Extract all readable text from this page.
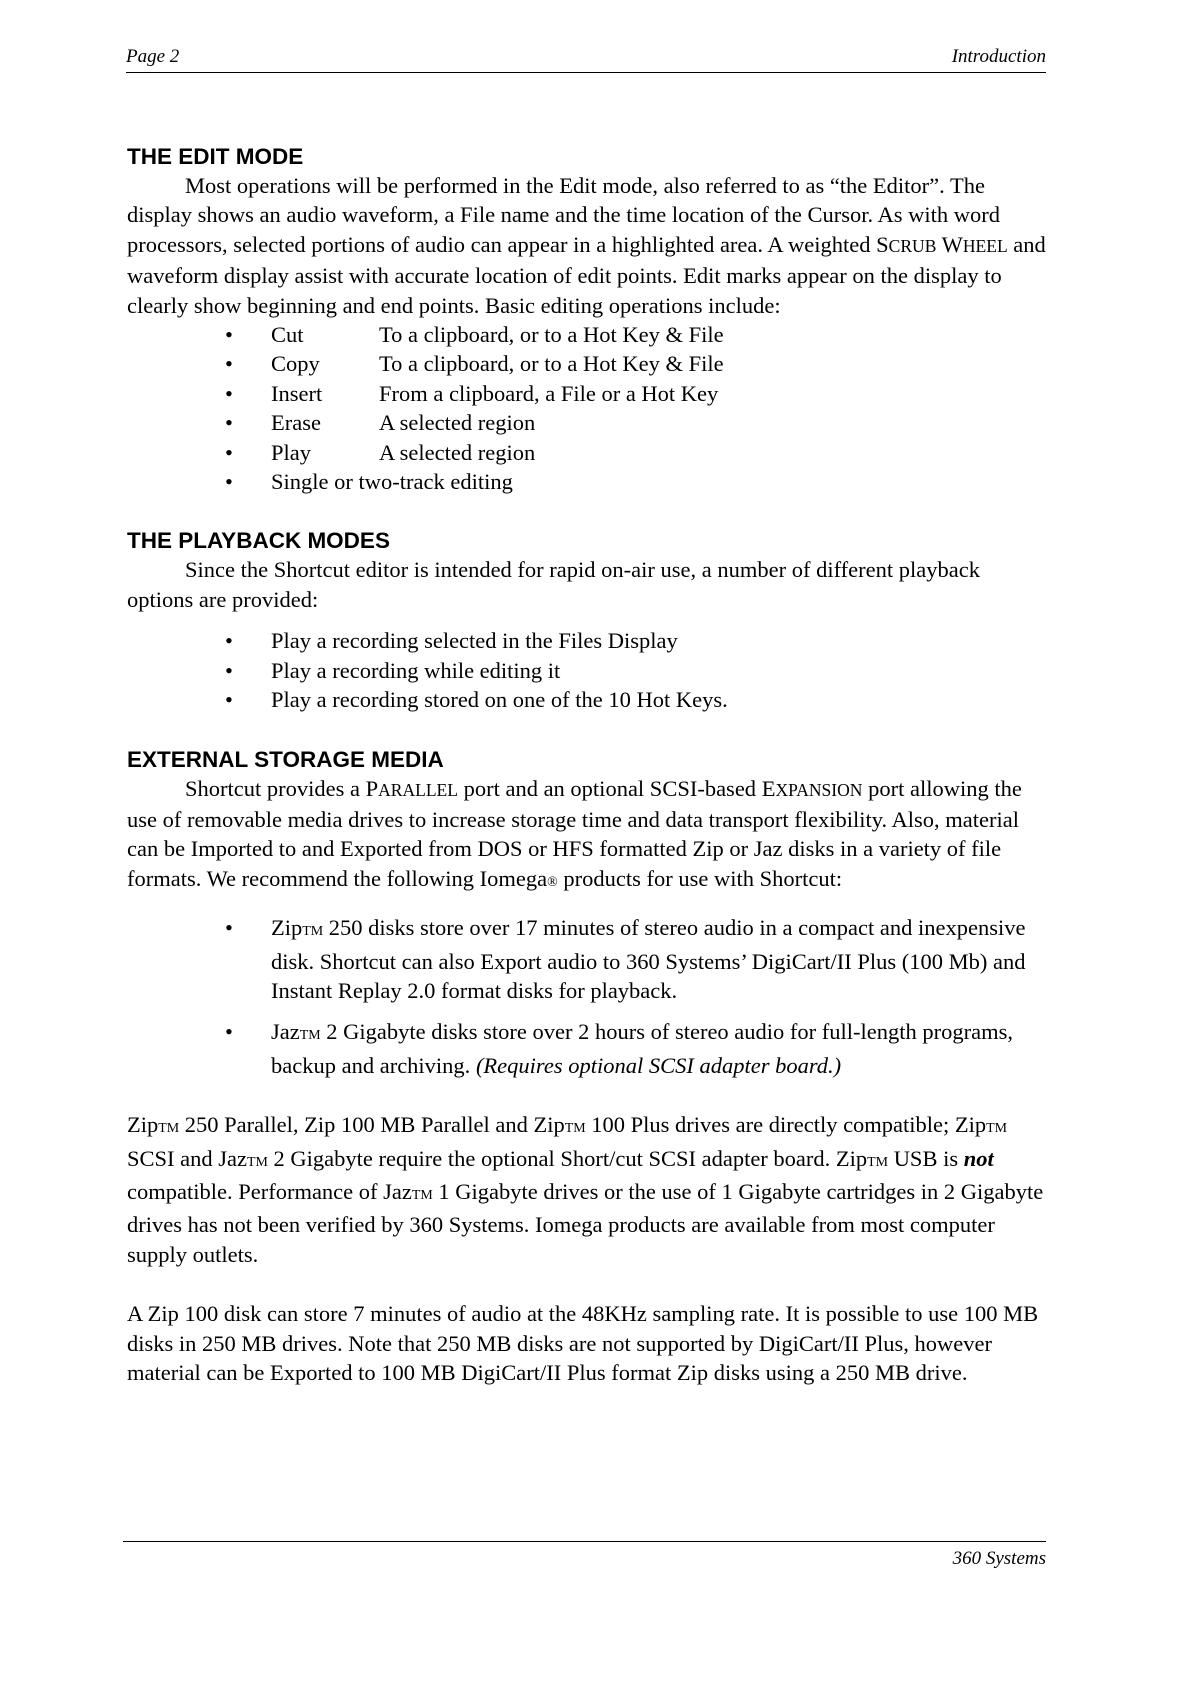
Page 2	Introduction
THE EDIT MODE

Most operations will be performed in the Edit mode, also referred to as “the Editor”. The display shows an audio waveform, a File name and the time location of the Cursor. As with word processors, selected portions of audio can appear in a highlighted area. A weighted SCRUB WHEEL and waveform display assist with accurate location of edit points. Edit marks appear on the display to clearly show beginning and end points. Basic editing operations include:

• Cut	To a clipboard, or to a Hot Key & File
• Copy	To a clipboard, or to a Hot Key & File
• Insert	From a clipboard, a File or a Hot Key
• Erase	A selected region
• Play	A selected region
• Single or two-track editing
THE PLAYBACK MODES

Since the Shortcut editor is intended for rapid on-air use, a number of different playback options are provided:

• Play a recording selected in the Files Display
• Play a recording while editing it
• Play a recording stored on one of the 10 Hot Keys.
EXTERNAL STORAGE MEDIA

Shortcut provides a PARALLEL port and an optional SCSI-based EXPANSION port allowing the use of removable media drives to increase storage time and data transport flexibility. Also, material can be Imported to and Exported from DOS or HFS formatted Zip or Jaz disks in a variety of file formats. We recommend the following Iomega® products for use with Shortcut:

• ZipTM 250 disks store over 17 minutes of stereo audio in a compact and inexpensive disk. Shortcut can also Export audio to 360 Systems’ DigiCart/II Plus (100 Mb) and Instant Replay 2.0 format disks for playback.
• JazTM 2 Gigabyte disks store over 2 hours of stereo audio for full-length programs, backup and archiving. (Requires optional SCSI adapter board.)

ZipTM 250 Parallel, Zip 100 MB Parallel and ZipTM 100 Plus drives are directly compatible; ZipTM SCSI and JazTM 2 Gigabyte require the optional Short/cut SCSI adapter board. ZipTM USB is not compatible. Performance of JazTM 1 Gigabyte drives or the use of 1 Gigabyte cartridges in 2 Gigabyte drives has not been verified by 360 Systems. Iomega products are available from most computer supply outlets.

A Zip 100 disk can store 7 minutes of audio at the 48KHz sampling rate. It is possible to use 100 MB disks in 250 MB drives. Note that 250 MB disks are not supported by DigiCart/II Plus, however material can be Exported to 100 MB DigiCart/II Plus format Zip disks using a 250 MB drive.

360 Systems
